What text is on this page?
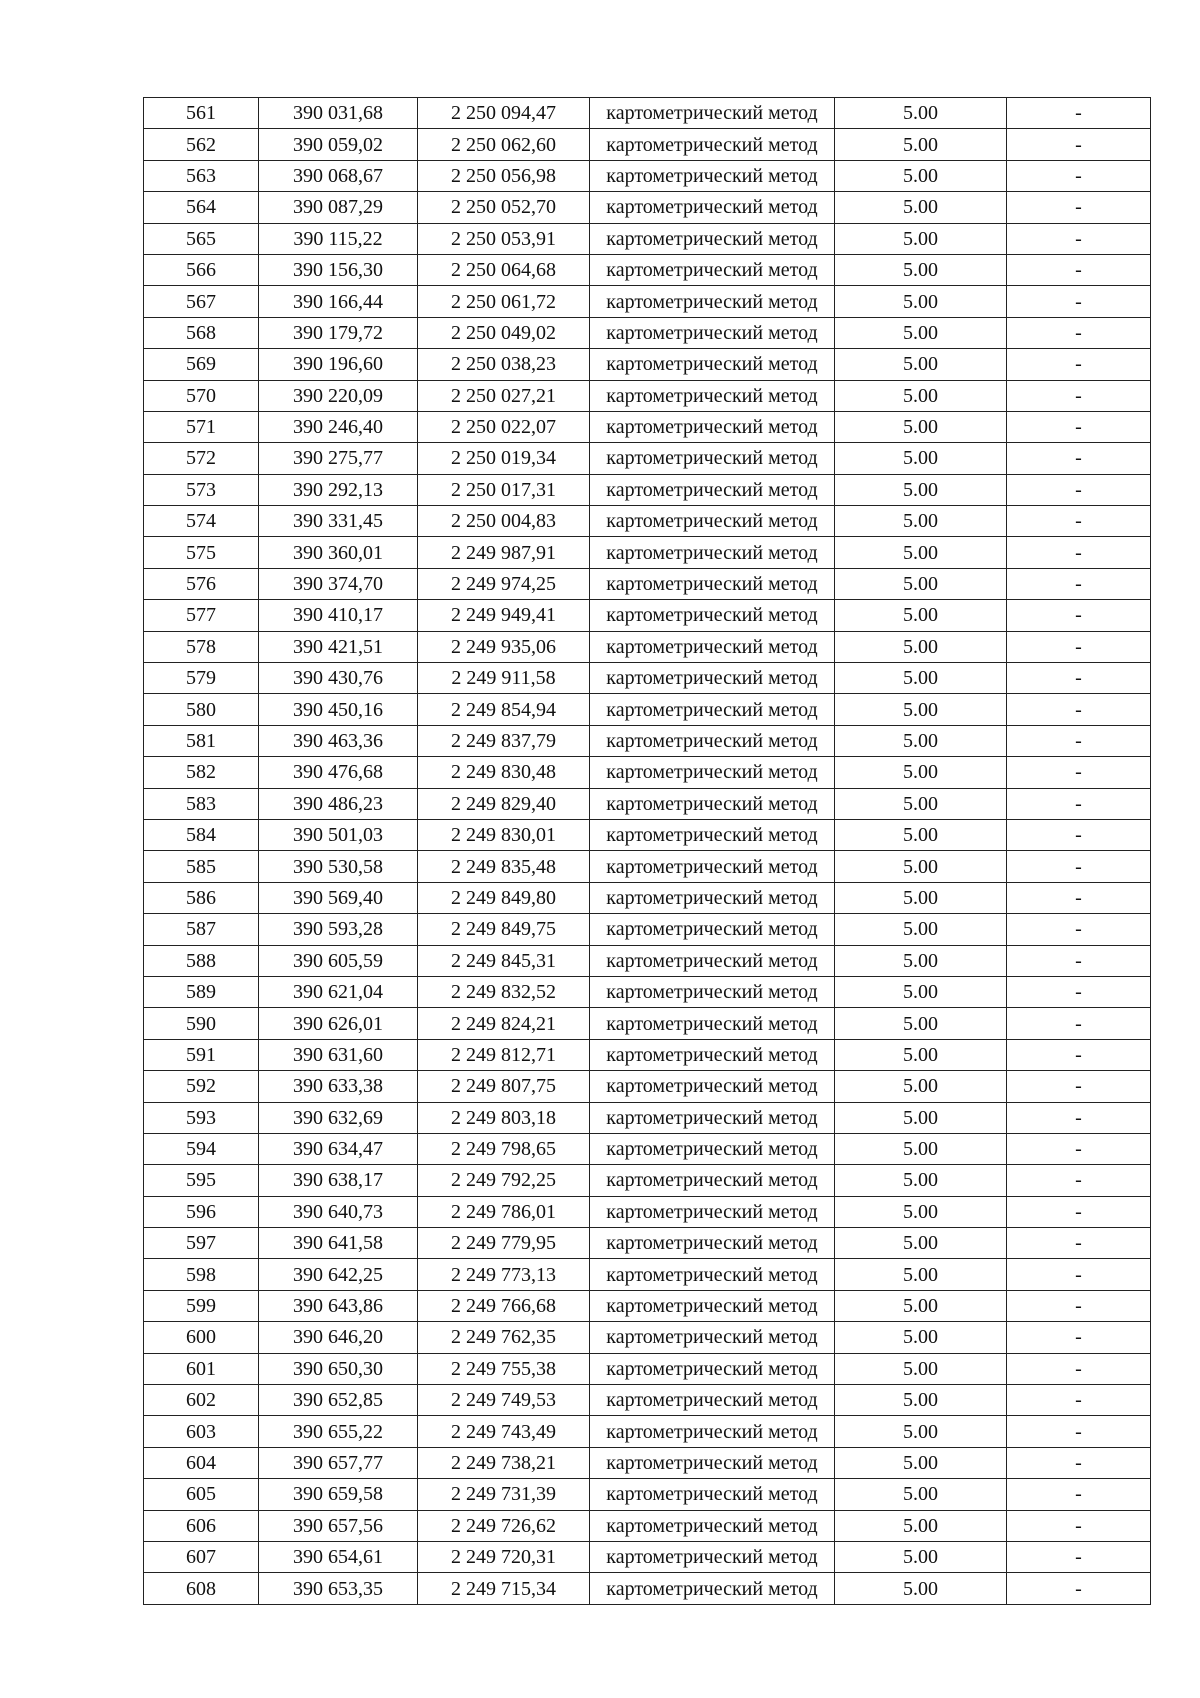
561	390 031,68	2 250 094,47	картометрический метод	5.00	-
562	390 059,02	2 250 062,60	картометрический метод	5.00	-
563	390 068,67	2 250 056,98	картометрический метод	5.00	-
564	390 087,29	2 250 052,70	картометрический метод	5.00	-
565	390 115,22	2 250 053,91	картометрический метод	5.00	-
566	390 156,30	2 250 064,68	картометрический метод	5.00	-
567	390 166,44	2 250 061,72	картометрический метод	5.00	-
568	390 179,72	2 250 049,02	картометрический метод	5.00	-
569	390 196,60	2 250 038,23	картометрический метод	5.00	-
570	390 220,09	2 250 027,21	картометрический метод	5.00	-
571	390 246,40	2 250 022,07	картометрический метод	5.00	-
572	390 275,77	2 250 019,34	картометрический метод	5.00	-
573	390 292,13	2 250 017,31	картометрический метод	5.00	-
574	390 331,45	2 250 004,83	картометрический метод	5.00	-
575	390 360,01	2 249 987,91	картометрический метод	5.00	-
576	390 374,70	2 249 974,25	картометрический метод	5.00	-
577	390 410,17	2 249 949,41	картометрический метод	5.00	-
578	390 421,51	2 249 935,06	картометрический метод	5.00	-
579	390 430,76	2 249 911,58	картометрический метод	5.00	-
580	390 450,16	2 249 854,94	картометрический метод	5.00	-
581	390 463,36	2 249 837,79	картометрический метод	5.00	-
582	390 476,68	2 249 830,48	картометрический метод	5.00	-
583	390 486,23	2 249 829,40	картометрический метод	5.00	-
584	390 501,03	2 249 830,01	картометрический метод	5.00	-
585	390 530,58	2 249 835,48	картометрический метод	5.00	-
586	390 569,40	2 249 849,80	картометрический метод	5.00	-
587	390 593,28	2 249 849,75	картометрический метод	5.00	-
588	390 605,59	2 249 845,31	картометрический метод	5.00	-
589	390 621,04	2 249 832,52	картометрический метод	5.00	-
590	390 626,01	2 249 824,21	картометрический метод	5.00	-
591	390 631,60	2 249 812,71	картометрический метод	5.00	-
592	390 633,38	2 249 807,75	картометрический метод	5.00	-
593	390 632,69	2 249 803,18	картометрический метод	5.00	-
594	390 634,47	2 249 798,65	картометрический метод	5.00	-
595	390 638,17	2 249 792,25	картометрический метод	5.00	-
596	390 640,73	2 249 786,01	картометрический метод	5.00	-
597	390 641,58	2 249 779,95	картометрический метод	5.00	-
598	390 642,25	2 249 773,13	картометрический метод	5.00	-
599	390 643,86	2 249 766,68	картометрический метод	5.00	-
600	390 646,20	2 249 762,35	картометрический метод	5.00	-
601	390 650,30	2 249 755,38	картометрический метод	5.00	-
602	390 652,85	2 249 749,53	картометрический метод	5.00	-
603	390 655,22	2 249 743,49	картометрический метод	5.00	-
604	390 657,77	2 249 738,21	картометрический метод	5.00	-
605	390 659,58	2 249 731,39	картометрический метод	5.00	-
606	390 657,56	2 249 726,62	картометрический метод	5.00	-
607	390 654,61	2 249 720,31	картометрический метод	5.00	-
608	390 653,35	2 249 715,34	картометрический метод	5.00	-
